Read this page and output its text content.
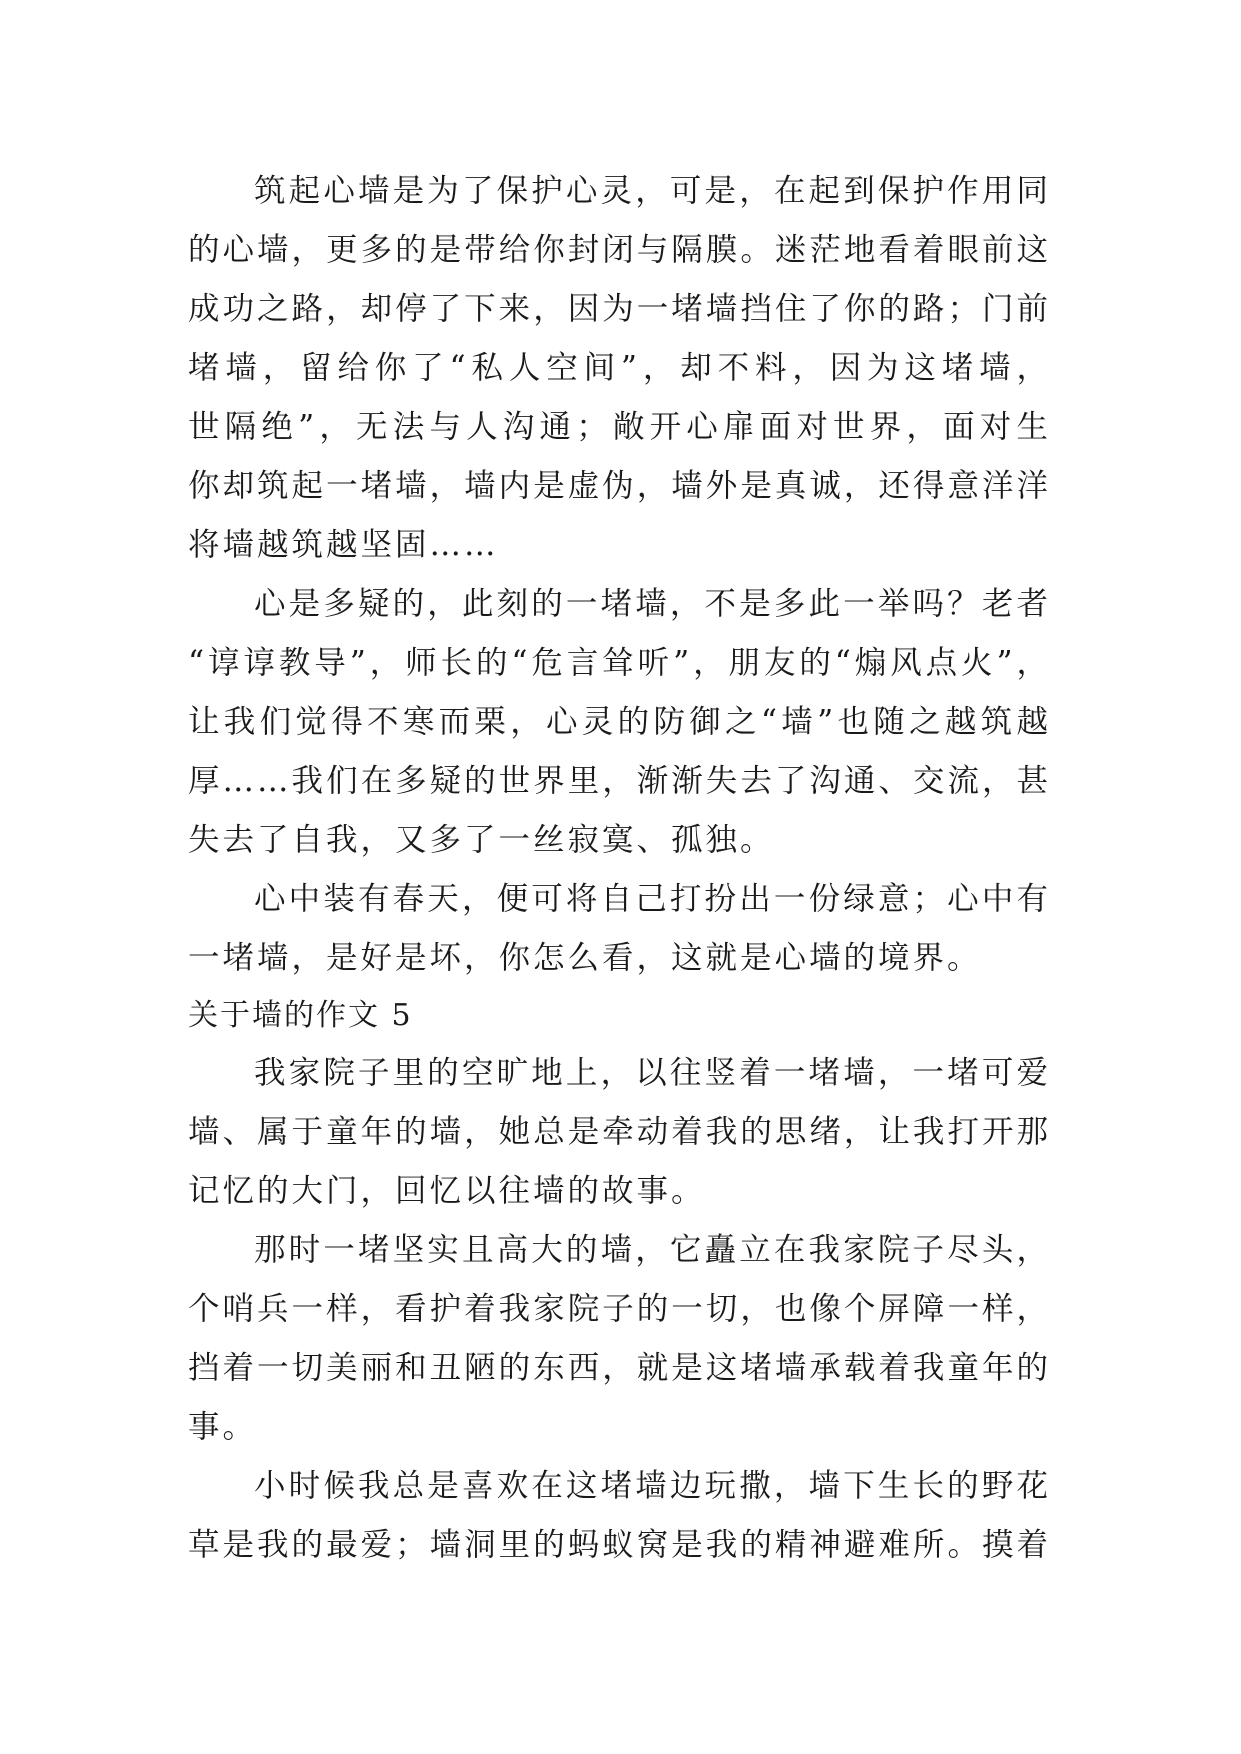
筑起心墙是为了保护心灵，可是，在起到保护作用同
的心墙，更多的是带给你封闭与隔膜。迷茫地看着眼前这
成功之路，却停了下来，因为一堵墙挡住了你的路；门前
堵墙，留给你了“私人空间”，却不料，因为这堵墙，
世隔绝”，无法与人沟通；敞开心扉面对世界，面对生
你却筑起一堵墙，墙内是虚伪，墙外是真诚，还得意洋洋
将墙越筑越坚固……
心是多疑的，此刻的一堵墙，不是多此一举吗？老者
“谆谆教导”，师长的“危言耸听”，朋友的“煽风点火”，
让我们觉得不寒而栗，心灵的防御之“墙”也随之越筑越
厚……我们在多疑的世界里，渐渐失去了沟通、交流，甚
失去了自我，又多了一丝寂寞、孤独。
心中装有春天，便可将自己打扮出一份绿意；心中有
一堵墙，是好是坏，你怎么看，这就是心墙的境界。
关于墙的作文 5
我家院子里的空旷地上，以往竖着一堵墙，一堵可爱
墙、属于童年的墙，她总是牵动着我的思绪，让我打开那
记忆的大门，回忆以往墙的故事。
那时一堵坚实且高大的墙，它矗立在我家院子尽头，
个哨兵一样，看护着我家院子的一切，也像个屏障一样，
挡着一切美丽和丑陋的东西，就是这堵墙承载着我童年的
事。
小时候我总是喜欢在这堵墙边玩撒，墙下生长的野花
草是我的最爱；墙洞里的蚂蚁窝是我的精神避难所。摸着
